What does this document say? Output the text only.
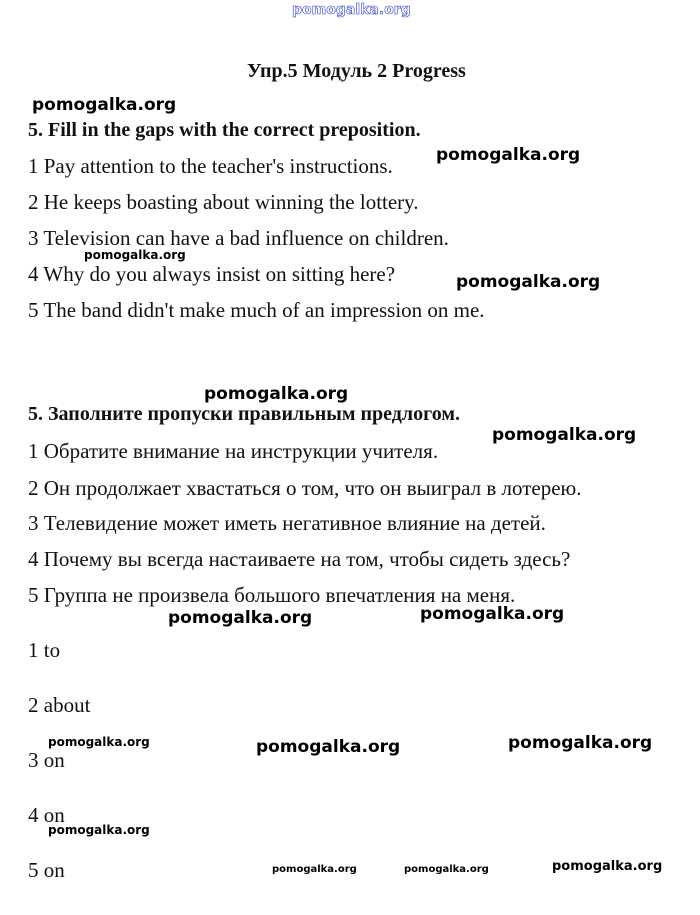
pomogalka.org
Упр.5 Модуль 2 Progress
5. Fill in the gaps with the correct preposition.
1 Pay attention to the teacher's instructions.
2 He keeps boasting about winning the lottery.
3 Television can have a bad influence on children.
4 Why do you always insist on sitting here?
5 The band didn't make much of an impression on me.
5. Заполните пропуски правильным предлогом.
1 Обратите внимание на инструкции учителя.
2 Он продолжает хвастаться о том, что он выиграл в лотерею.
3 Телевидение может иметь негативное влияние на детей.
4 Почему вы всегда настаиваете на том, чтобы сидеть здесь?
5 Группа не произвела большого впечатления на меня.
1 to
2 about
3 on
4 on
5 on
pomogalka.org
pomogalka.org
pomogalka.org
pomogalka.org
pomogalka.org
pomogalka.org
pomogalka.org	pomogalka.org
pomogalka.org	pomogalka.org	pomogalka.org
pomogalka.org
pomogalka.org	pomogalka.org	pomogalka.org
